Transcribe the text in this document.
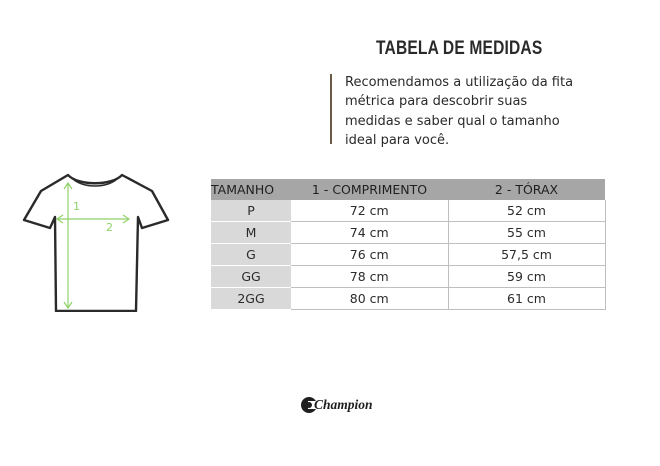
TABELA DE MEDIDAS

Recomendamos a utilização da fita métrica para descobrir suas medidas e saber qual o tamanho ideal para você.

1
2
TAMANHO	1 - COMPRIMENTO	2 - TÓRAX
P	72 cm	52 cm
M	74 cm	55 cm
G	76 cm	57,5 cm
GG	78 cm	59 cm
2GG	80 cm	61 cm
Champion
